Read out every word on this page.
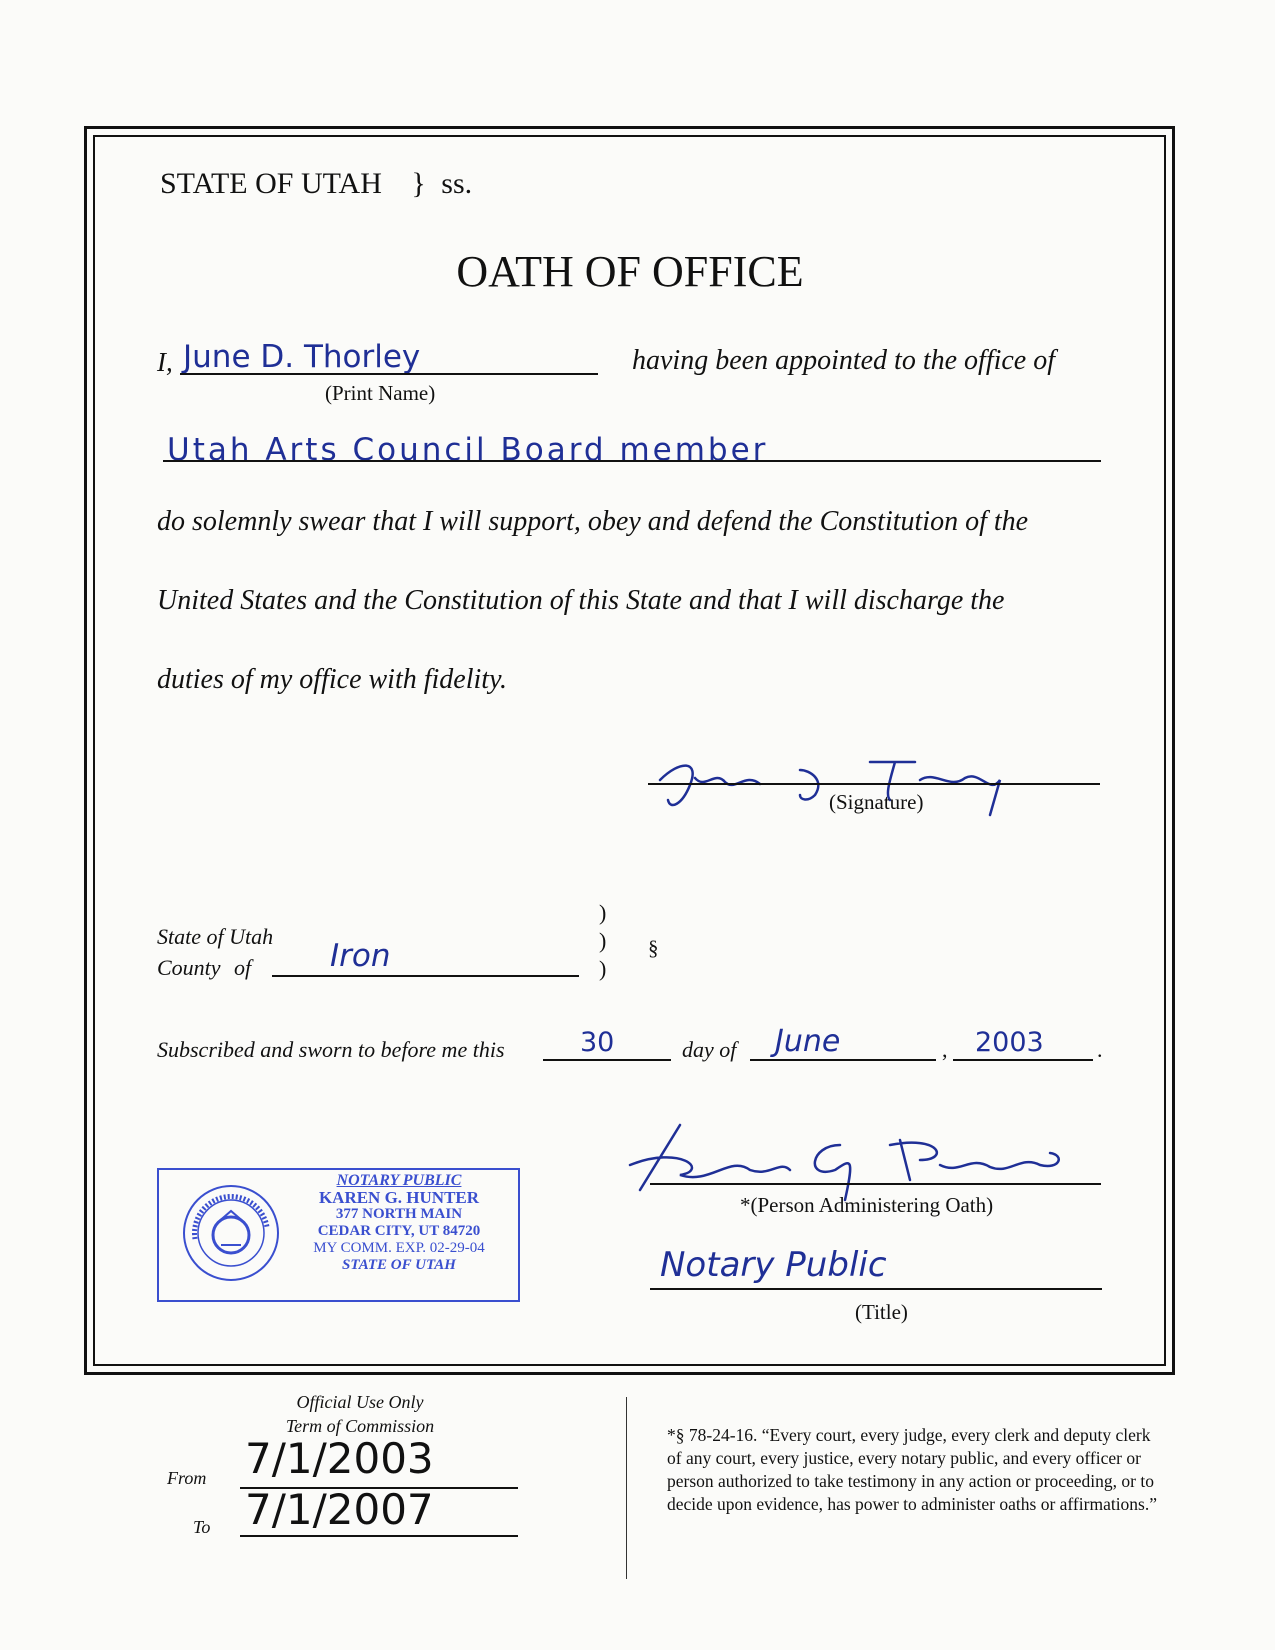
STATE OF UTAH } ss.
OATH OF OFFICE
I, June D. Thorley
(Print Name)
having been appointed to the office of
Utah Arts Council Board member
do solemnly swear that I will support, obey and defend the Constitution of the
United States and the Constitution of this State and that I will discharge the
duties of my office with fidelity.
(Signature)
State of Utah
County of	Iron
)
)
)
§
Subscribed and sworn to before me this	30	day of June	, 2003 .
*(Person Administering Oath)
Notary Public
(Title)
NOTARY PUBLIC
KAREN G. HUNTER
377 NORTH MAIN
CEDAR CITY, UT 84720
MY COMM. EXP. 02-29-04
STATE OF UTAH
Official Use Only
Term of Commission
From 7/1/2003
To 7/1/2007
*§ 78-24-16. “Every court, every judge, every clerk and deputy clerk of any court, every justice, every notary public, and every officer or person authorized to take testimony in any action or proceeding, or to decide upon evidence, has power to administer oaths or affirmations.”
